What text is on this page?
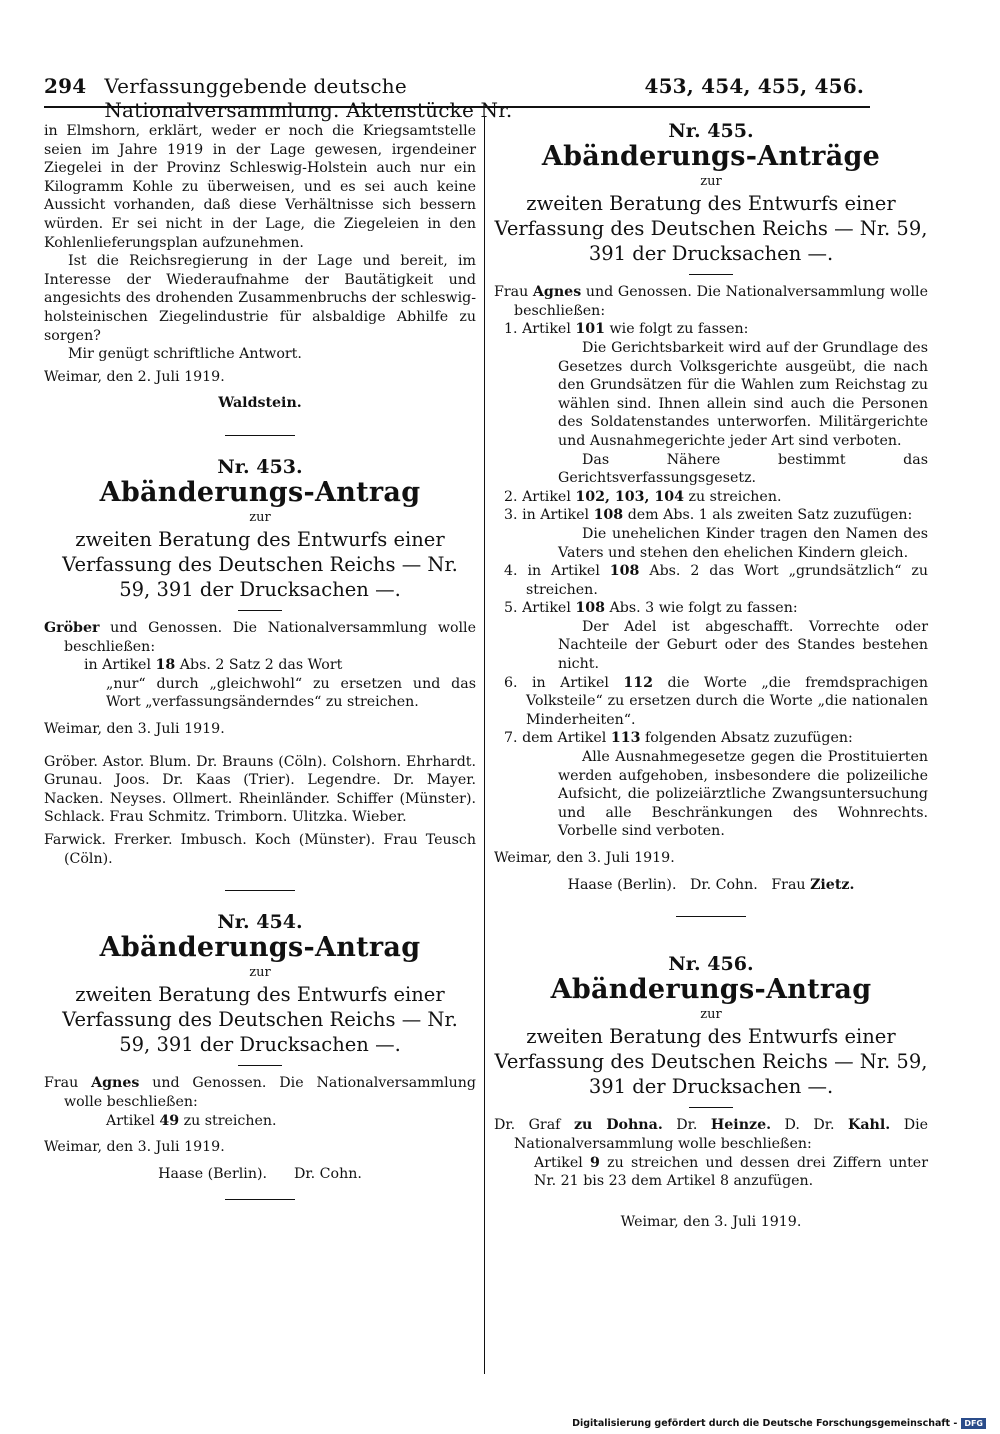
294 Verfassunggebende deutsche Nationalversammlung. Aktenstücke Nr.
453, 454, 455, 456.

in Elmshorn, erklärt, weder er noch die Kriegsamtstelle seien im Jahre 1919 in der Lage gewesen, irgendeiner Ziegelei in der Provinz Schleswig-Holstein auch nur ein Kilogramm Kohle zu überweisen, und es sei auch keine Aussicht vorhanden, daß diese Verhältnisse sich bessern würden. Er sei nicht in der Lage, die Ziegeleien in den Kohlenlieferungsplan aufzunehmen.

Ist die Reichsregierung in der Lage und bereit, im Interesse der Wiederaufnahme der Bautätigkeit und angesichts des drohenden Zusammenbruchs der schleswig-holsteinischen Ziegelindustrie für alsbaldige Abhilfe zu sorgen?

Mir genügt schriftliche Antwort.

Weimar, den 2. Juli 1919.

Waldstein.

Nr. 453.

Abänderungs-Antrag

zur

zweiten Beratung des Entwurfs einer Verfassung des Deutschen Reichs — Nr. 59, 391 der Drucksachen —.

Gröber und Genossen. Die Nationalversammlung wolle beschließen:

in Artikel 18 Abs. 2 Satz 2 das Wort

„nur“ durch „gleichwohl“ zu ersetzen und das Wort „verfassungsänderndes“ zu streichen.

Weimar, den 3. Juli 1919.

Gröber. Astor. Blum. Dr. Brauns (Cöln). Colshorn. Ehrhardt. Grunau. Joos. Dr. Kaas (Trier). Legendre. Dr. Mayer. Nacken. Neyses. Ollmert. Rheinländer. Schiffer (Münster). Schlack. Frau Schmitz. Trimborn. Ulitzka. Wieber.

Farwick. Frerker. Imbusch. Koch (Münster). Frau Teusch (Cöln).

Nr. 454.

Abänderungs-Antrag

zur

zweiten Beratung des Entwurfs einer Verfassung des Deutschen Reichs — Nr. 59, 391 der Drucksachen —.

Frau Agnes und Genossen. Die Nationalversammlung wolle beschließen:

Artikel 49 zu streichen.

Weimar, den 3. Juli 1919.

Haase (Berlin).      Dr. Cohn.

Nr. 455.

Abänderungs-Anträge

zur

zweiten Beratung des Entwurfs einer Verfassung des Deutschen Reichs — Nr. 59, 391 der Drucksachen —.

Frau Agnes und Genossen. Die Nationalversammlung wolle beschließen:

1. Artikel 101 wie folgt zu fassen:

Die Gerichtsbarkeit wird auf der Grundlage des Gesetzes durch Volksgerichte ausgeübt, die nach den Grundsätzen für die Wahlen zum Reichstag zu wählen sind. Ihnen allein sind auch die Personen des Soldatenstandes unterworfen. Militärgerichte und Ausnahmegerichte jeder Art sind verboten.

Das Nähere bestimmt das Gerichtsverfassungsgesetz.

2. Artikel 102, 103, 104 zu streichen.

3. in Artikel 108 dem Abs. 1 als zweiten Satz zuzufügen:

Die unehelichen Kinder tragen den Namen des Vaters und stehen den ehelichen Kindern gleich.

4. in Artikel 108 Abs. 2 das Wort „grundsätzlich“ zu streichen.

5. Artikel 108 Abs. 3 wie folgt zu fassen:

Der Adel ist abgeschafft. Vorrechte oder Nachteile der Geburt oder des Standes bestehen nicht.

6. in Artikel 112 die Worte „die fremdsprachigen Volksteile“ zu ersetzen durch die Worte „die nationalen Minderheiten“.

7. dem Artikel 113 folgenden Absatz zuzufügen:

Alle Ausnahmegesetze gegen die Prostituierten werden aufgehoben, insbesondere die polizeiliche Aufsicht, die polizeiärztliche Zwangsuntersuchung und alle Beschränkungen des Wohnrechts. Vorbelle sind verboten.

Weimar, den 3. Juli 1919.

Haase (Berlin).   Dr. Cohn.   Frau Zietz.

Nr. 456.

Abänderungs-Antrag

zur

zweiten Beratung des Entwurfs einer Verfassung des Deutschen Reichs — Nr. 59, 391 der Drucksachen —.

Dr. Graf zu Dohna. Dr. Heinze. D. Dr. Kahl. Die Nationalversammlung wolle beschließen:

Artikel 9 zu streichen und dessen drei Ziffern unter Nr. 21 bis 23 dem Artikel 8 anzufügen.

Weimar, den 3. Juli 1919.

Digitalisierung gefördert durch die Deutsche Forschungsgemeinschaft - DFG
